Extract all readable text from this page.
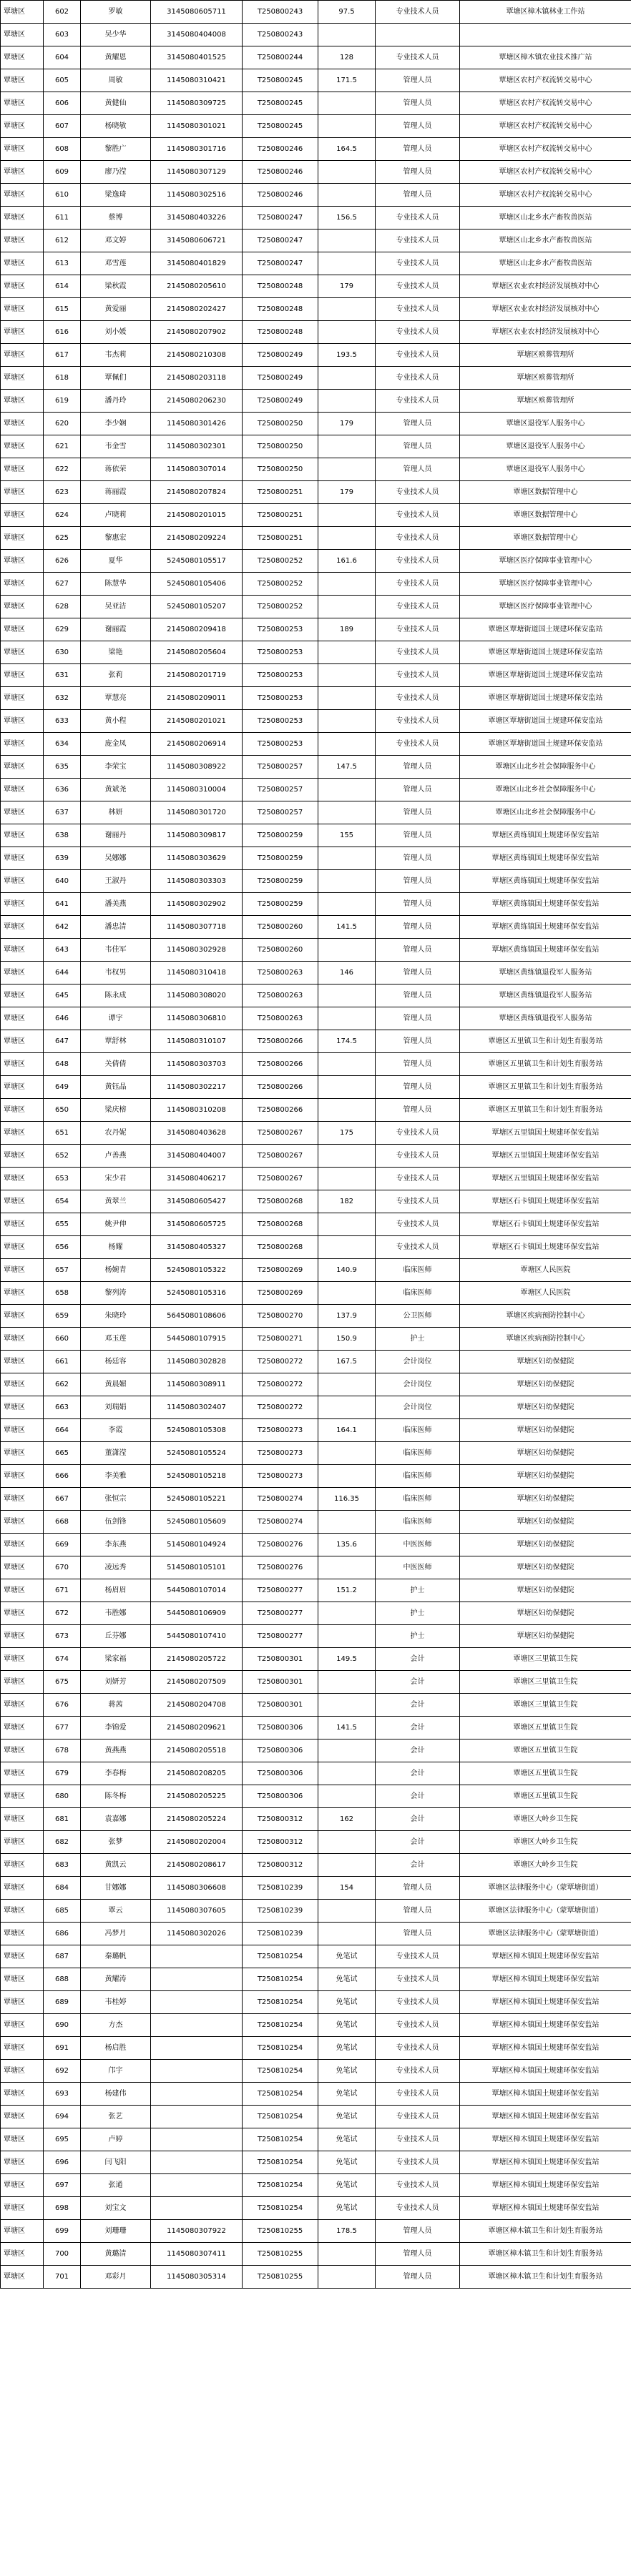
覃塘区	602	罗敏	3145080605711	T250800243	97.5	专业技术人员	覃塘区樟木镇林业工作站
覃塘区	603	吴少华	3145080404008	T250800243			
覃塘区	604	黄耀恩	3145080401525	T250800244	128	专业技术人员	覃塘区樟木镇农业技术推广站
覃塘区	605	周敏	1145080310421	T250800245	171.5	管理人员	覃塘区农村产权流转交易中心
覃塘区	606	黄健仙	1145080309725	T250800245		管理人员	覃塘区农村产权流转交易中心
覃塘区	607	杨晓敏	1145080301021	T250800245		管理人员	覃塘区农村产权流转交易中心
覃塘区	608	黎胜广	1145080301716	T250800246	164.5	管理人员	覃塘区农村产权流转交易中心
覃塘区	609	廖乃滢	1145080307129	T250800246		管理人员	覃塘区农村产权流转交易中心
覃塘区	610	梁逸琦	1145080302516	T250800246		管理人员	覃塘区农村产权流转交易中心
覃塘区	611	蔡博	3145080403226	T250800247	156.5	专业技术人员	覃塘区山北乡水产畜牧兽医站
覃塘区	612	邓文婷	3145080606721	T250800247		专业技术人员	覃塘区山北乡水产畜牧兽医站
覃塘区	613	邓雪莲	3145080401829	T250800247		专业技术人员	覃塘区山北乡水产畜牧兽医站
覃塘区	614	梁秋霞	2145080205610	T250800248	179	专业技术人员	覃塘区农业农村经济发展核对中心
覃塘区	615	黄爱丽	2145080202427	T250800248		专业技术人员	覃塘区农业农村经济发展核对中心
覃塘区	616	刘小媛	2145080207902	T250800248		专业技术人员	覃塘区农业农村经济发展核对中心
覃塘区	617	韦杰莉	2145080210308	T250800249	193.5	专业技术人员	覃塘区殡葬管理所
覃塘区	618	覃佩们	2145080203118	T250800249		专业技术人员	覃塘区殡葬管理所
覃塘区	619	潘丹玲	2145080206230	T250800249		专业技术人员	覃塘区殡葬管理所
覃塘区	620	李少娴	1145080301426	T250800250	179	管理人员	覃塘区退役军人服务中心
覃塘区	621	韦金雪	1145080302301	T250800250		管理人员	覃塘区退役军人服务中心
覃塘区	622	蒋依荣	1145080307014	T250800250		管理人员	覃塘区退役军人服务中心
覃塘区	623	蒋丽霞	2145080207824	T250800251	179	专业技术人员	覃塘区数据管理中心
覃塘区	624	卢晓莉	2145080201015	T250800251		专业技术人员	覃塘区数据管理中心
覃塘区	625	黎惠宏	2145080209224	T250800251		专业技术人员	覃塘区数据管理中心
覃塘区	626	夏华	5245080105517	T250800252	161.6	专业技术人员	覃塘区医疗保障事业管理中心
覃塘区	627	陈慧华	5245080105406	T250800252		专业技术人员	覃塘区医疗保障事业管理中心
覃塘区	628	吴亚洁	5245080105207	T250800252		专业技术人员	覃塘区医疗保障事业管理中心
覃塘区	629	谢丽霞	2145080209418	T250800253	189	专业技术人员	覃塘区覃塘街道国土规建环保安监站
覃塘区	630	梁艳	2145080205604	T250800253		专业技术人员	覃塘区覃塘街道国土规建环保安监站
覃塘区	631	张莉	2145080201719	T250800253		专业技术人员	覃塘区覃塘街道国土规建环保安监站
覃塘区	632	覃慧亮	2145080209011	T250800253		专业技术人员	覃塘区覃塘街道国土规建环保安监站
覃塘区	633	黄小程	2145080201021	T250800253		专业技术人员	覃塘区覃塘街道国土规建环保安监站
覃塘区	634	庞金凤	2145080206914	T250800253		专业技术人员	覃塘区覃塘街道国土规建环保安监站
覃塘区	635	李荣宝	1145080308922	T250800257	147.5	管理人员	覃塘区山北乡社会保障服务中心
覃塘区	636	黄斌尧	1145080310004	T250800257		管理人员	覃塘区山北乡社会保障服务中心
覃塘区	637	林妍	1145080301720	T250800257		管理人员	覃塘区山北乡社会保障服务中心
覃塘区	638	谢丽丹	1145080309817	T250800259	155	管理人员	覃塘区黄练镇国土规建环保安监站
覃塘区	639	吴娜娜	1145080303629	T250800259		管理人员	覃塘区黄练镇国土规建环保安监站
覃塘区	640	王淑丹	1145080303303	T250800259		管理人员	覃塘区黄练镇国土规建环保安监站
覃塘区	641	潘美燕	1145080302902	T250800259		管理人员	覃塘区黄练镇国土规建环保安监站
覃塘区	642	潘忠清	1145080307718	T250800260	141.5	管理人员	覃塘区黄练镇国土规建环保安监站
覃塘区	643	韦佳军	1145080302928	T250800260		管理人员	覃塘区黄练镇国土规建环保安监站
覃塘区	644	韦权男	1145080310418	T250800263	146	管理人员	覃塘区黄练镇退役军人服务站
覃塘区	645	陈永成	1145080308020	T250800263		管理人员	覃塘区黄练镇退役军人服务站
覃塘区	646	谭宇	1145080306810	T250800263		管理人员	覃塘区黄练镇退役军人服务站
覃塘区	647	覃舒林	1145080310107	T250800266	174.5	管理人员	覃塘区五里镇卫生和计划生育服务站
覃塘区	648	关倩倩	1145080303703	T250800266		管理人员	覃塘区五里镇卫生和计划生育服务站
覃塘区	649	黄钰晶	1145080302217	T250800266		管理人员	覃塘区五里镇卫生和计划生育服务站
覃塘区	650	梁庆榕	1145080310208	T250800266		管理人员	覃塘区五里镇卫生和计划生育服务站
覃塘区	651	农丹妮	3145080403628	T250800267	175	专业技术人员	覃塘区五里镇国土规建环保安监站
覃塘区	652	卢善燕	3145080404007	T250800267		专业技术人员	覃塘区五里镇国土规建环保安监站
覃塘区	653	宋少君	3145080406217	T250800267		专业技术人员	覃塘区五里镇国土规建环保安监站
覃塘区	654	黄翠兰	3145080605427	T250800268	182	专业技术人员	覃塘区石卡镇国土规建环保安监站
覃塘区	655	姚尹伸	3145080605725	T250800268		专业技术人员	覃塘区石卡镇国土规建环保安监站
覃塘区	656	杨耀	3145080405327	T250800268		专业技术人员	覃塘区石卡镇国土规建环保安监站
覃塘区	657	杨婉青	5245080105322	T250800269	140.9	临床医师	覃塘区人民医院
覃塘区	658	黎列涛	5245080105316	T250800269		临床医师	覃塘区人民医院
覃塘区	659	朱晓玲	5645080108606	T250800270	137.9	公卫医师	覃塘区疾病预防控制中心
覃塘区	660	邓玉莲	5445080107915	T250800271	150.9	护士	覃塘区疾病预防控制中心
覃塘区	661	杨廷容	1145080302828	T250800272	167.5	会计岗位	覃塘区妇幼保健院
覃塘区	662	黄晨媚	1145080308911	T250800272		会计岗位	覃塘区妇幼保健院
覃塘区	663	刘瑞娟	1145080302407	T250800272		会计岗位	覃塘区妇幼保健院
覃塘区	664	李霞	5245080105308	T250800273	164.1	临床医师	覃塘区妇幼保健院
覃塘区	665	董潇滢	5245080105524	T250800273		临床医师	覃塘区妇幼保健院
覃塘区	666	李美雅	5245080105218	T250800273		临床医师	覃塘区妇幼保健院
覃塘区	667	张恒宗	5245080105221	T250800274	116.35	临床医师	覃塘区妇幼保健院
覃塘区	668	伍剑锋	5245080105609	T250800274		临床医师	覃塘区妇幼保健院
覃塘区	669	李东燕	5145080104924	T250800276	135.6	中医医师	覃塘区妇幼保健院
覃塘区	670	凌远秀	5145080105101	T250800276		中医医师	覃塘区妇幼保健院
覃塘区	671	杨眉眉	5445080107014	T250800277	151.2	护士	覃塘区妇幼保健院
覃塘区	672	韦胜娜	5445080106909	T250800277		护士	覃塘区妇幼保健院
覃塘区	673	丘芬娜	5445080107410	T250800277		护士	覃塘区妇幼保健院
覃塘区	674	梁家福	2145080205722	T250800301	149.5	会计	覃塘区三里镇卫生院
覃塘区	675	刘妍芳	2145080207509	T250800301		会计	覃塘区三里镇卫生院
覃塘区	676	蒋茜	2145080204708	T250800301		会计	覃塘区三里镇卫生院
覃塘区	677	李锦爱	2145080209621	T250800306	141.5	会计	覃塘区五里镇卫生院
覃塘区	678	黄燕燕	2145080205518	T250800306		会计	覃塘区五里镇卫生院
覃塘区	679	李春梅	2145080208205	T250800306		会计	覃塘区五里镇卫生院
覃塘区	680	陈冬梅	2145080205225	T250800306		会计	覃塘区五里镇卫生院
覃塘区	681	袁嘉娜	2145080205224	T250800312	162	会计	覃塘区大岭乡卫生院
覃塘区	682	张梦	2145080202004	T250800312		会计	覃塘区大岭乡卫生院
覃塘区	683	黄凯云	2145080208617	T250800312		会计	覃塘区大岭乡卫生院
覃塘区	684	甘娜娜	1145080306608	T250810239	154	管理人员	覃塘区法律服务中心（蒙覃塘街道）
覃塘区	685	覃云	1145080307605	T250810239		管理人员	覃塘区法律服务中心（蒙覃塘街道）
覃塘区	686	冯梦月	1145080302026	T250810239		管理人员	覃塘区法律服务中心（蒙覃塘街道）
覃塘区	687	秦璐帆		T250810254	免笔试	专业技术人员	覃塘区樟木镇国土规建环保安监站
覃塘区	688	黄耀涛		T250810254	免笔试	专业技术人员	覃塘区樟木镇国土规建环保安监站
覃塘区	689	韦桂婷		T250810254	免笔试	专业技术人员	覃塘区樟木镇国土规建环保安监站
覃塘区	690	方杰		T250810254	免笔试	专业技术人员	覃塘区樟木镇国土规建环保安监站
覃塘区	691	杨启胜		T250810254	免笔试	专业技术人员	覃塘区樟木镇国土规建环保安监站
覃塘区	692	邝宇		T250810254	免笔试	专业技术人员	覃塘区樟木镇国土规建环保安监站
覃塘区	693	杨建伟		T250810254	免笔试	专业技术人员	覃塘区樟木镇国土规建环保安监站
覃塘区	694	张艺		T250810254	免笔试	专业技术人员	覃塘区樟木镇国土规建环保安监站
覃塘区	695	卢婷		T250810254	免笔试	专业技术人员	覃塘区樟木镇国土规建环保安监站
覃塘区	696	闫飞阳		T250810254	免笔试	专业技术人员	覃塘区樟木镇国土规建环保安监站
覃塘区	697	张通		T250810254	免笔试	专业技术人员	覃塘区樟木镇国土规建环保安监站
覃塘区	698	刘宝文		T250810254	免笔试	专业技术人员	覃塘区樟木镇国土规建环保安监站
覃塘区	699	刘珊珊	1145080307922	T250810255	178.5	管理人员	覃塘区樟木镇卫生和计划生育服务站
覃塘区	700	黄璐清	1145080307411	T250810255		管理人员	覃塘区樟木镇卫生和计划生育服务站
覃塘区	701	邓彩月	1145080305314	T250810255		管理人员	覃塘区樟木镇卫生和计划生育服务站
